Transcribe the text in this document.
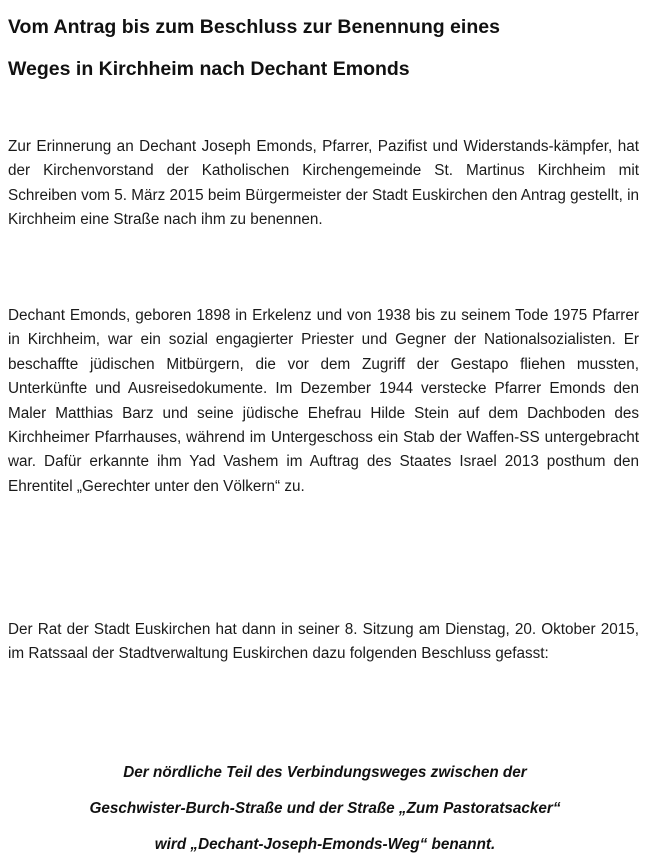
Vom Antrag bis zum Beschluss zur Benennung eines
Weges in Kirchheim nach Dechant Emonds

Zur Erinnerung an Dechant Joseph Emonds, Pfarrer, Pazifist und Widerstands-kämpfer, hat der Kirchenvorstand der Katholischen Kirchengemeinde St. Martinus Kirchheim mit Schreiben vom 5. März 2015 beim Bürgermeister der Stadt Euskirchen den Antrag gestellt, in Kirchheim eine Straße nach ihm zu benennen.

Dechant Emonds, geboren 1898 in Erkelenz und von 1938 bis zu seinem Tode 1975 Pfarrer in Kirchheim, war ein sozial engagierter Priester und Gegner der Nationalsozialisten. Er beschaffte jüdischen Mitbürgern, die vor dem Zugriff der Gestapo fliehen mussten, Unterkünfte und Ausreisedokumente. Im Dezember 1944 verstecke Pfarrer Emonds den Maler Matthias Barz und seine jüdische Ehefrau Hilde Stein auf dem Dachboden des Kirchheimer Pfarrhauses, während im Untergeschoss ein Stab der Waffen-SS untergebracht war. Dafür erkannte ihm Yad Vashem im Auftrag des Staates Israel 2013 posthum den Ehrentitel „Gerechter unter den Völkern“ zu.

Der Rat der Stadt Euskirchen hat dann in seiner 8. Sitzung am Dienstag, 20. Oktober 2015, im Ratssaal der Stadtverwaltung Euskirchen dazu folgenden Beschluss gefasst:

Der nördliche Teil des Verbindungsweges zwischen der
Geschwister-Burch-Straße und der Straße „Zum Pastoratsacker“
wird „Dechant-Joseph-Emonds-Weg“ benannt.
